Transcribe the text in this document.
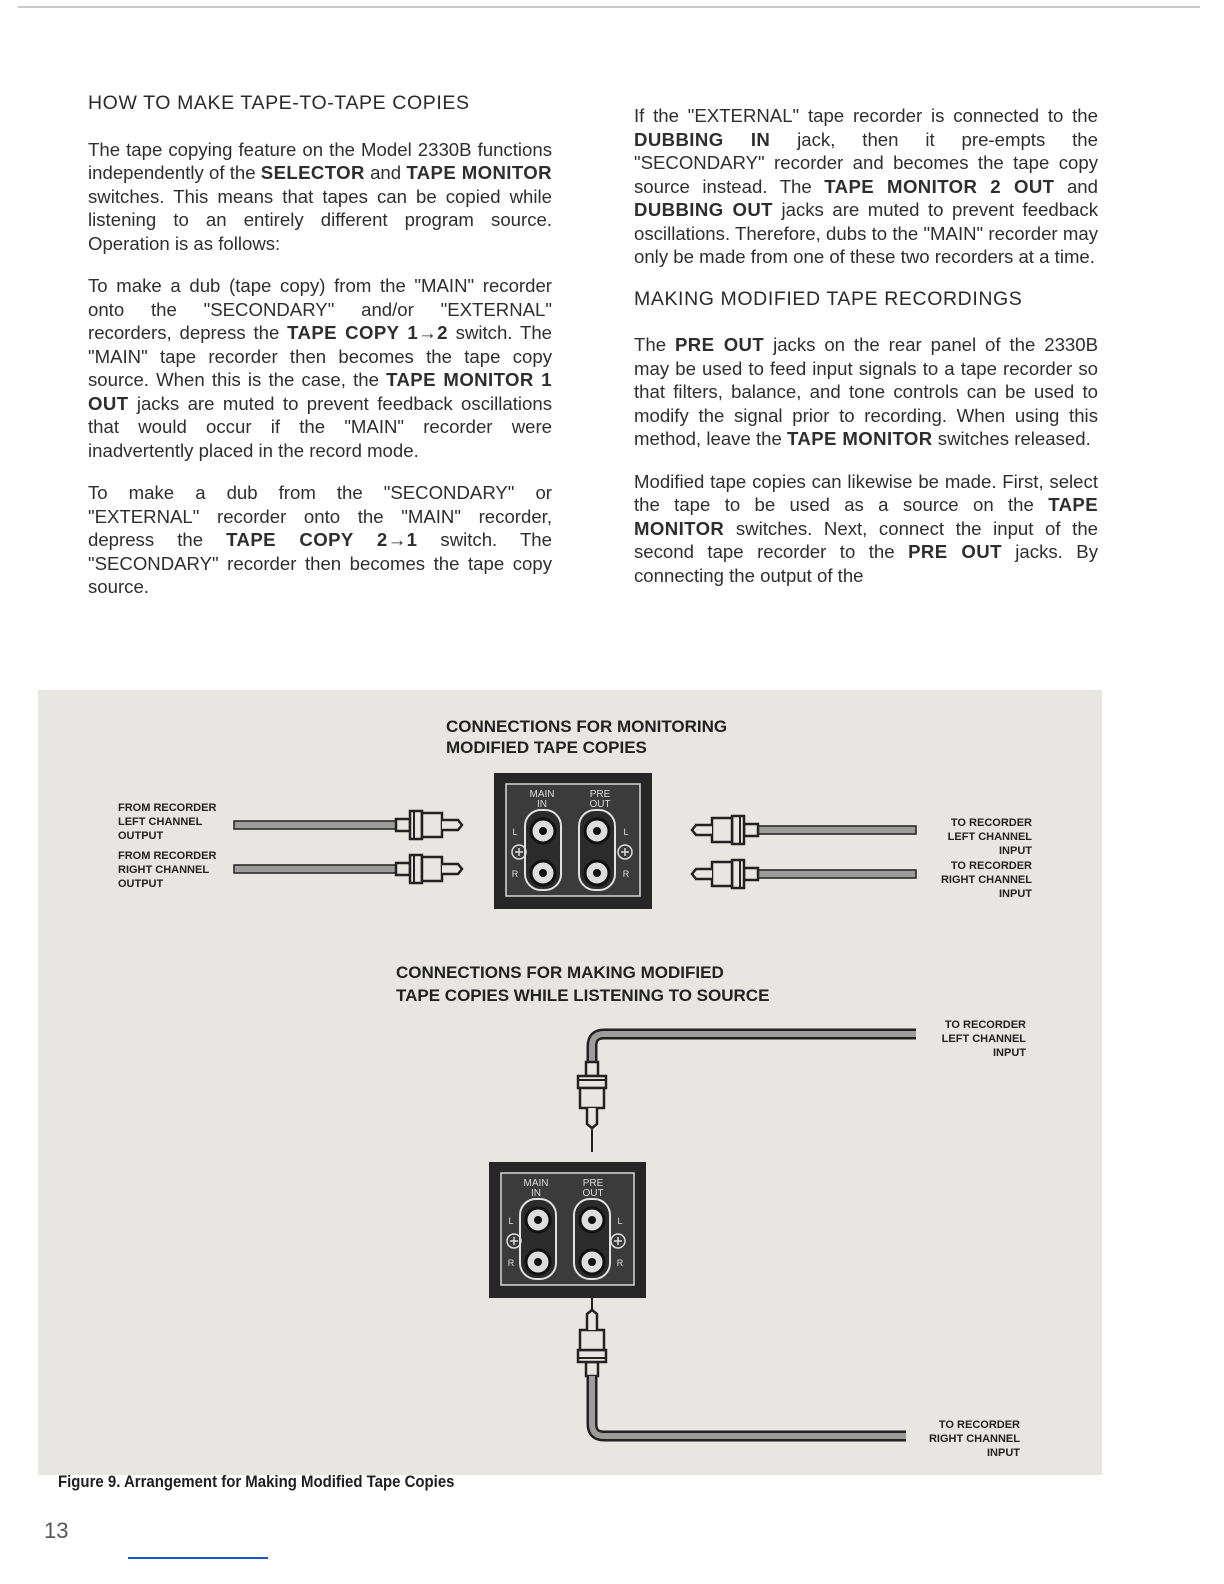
HOW TO MAKE TAPE-TO-TAPE COPIES

The tape copying feature on the Model 2330B functions independently of the SELECTOR and TAPE MONITOR switches. This means that tapes can be copied while listening to an entirely different program source. Operation is as follows:

To make a dub (tape copy) from the "MAIN" recorder onto the "SECONDARY" and/or "EXTERNAL" recorders, depress the TAPE COPY 1→2 switch. The "MAIN" tape recorder then becomes the tape copy source. When this is the case, the TAPE MONITOR 1 OUT jacks are muted to prevent feedback oscillations that would occur if the "MAIN" recorder were inadvertently placed in the record mode.

To make a dub from the "SECONDARY" or "EXTERNAL" recorder onto the "MAIN" recorder, depress the TAPE COPY 2→1 switch. The "SECONDARY" recorder then becomes the tape copy source.

If the "EXTERNAL" tape recorder is connected to the DUBBING IN jack, then it pre-empts the "SECONDARY" recorder and becomes the tape copy source instead. The TAPE MONITOR 2 OUT and DUBBING OUT jacks are muted to prevent feedback oscillations. Therefore, dubs to the "MAIN" recorder may only be made from one of these two recorders at a time.

MAKING MODIFIED TAPE RECORDINGS

The PRE OUT jacks on the rear panel of the 2330B may be used to feed input signals to a tape recorder so that filters, balance, and tone controls can be used to modify the signal prior to recording. When using this method, leave the TAPE MONITOR switches released.

Modified tape copies can likewise be made. First, select the tape to be used as a source on the TAPE MONITOR switches. Next, connect the input of the second tape recorder to the PRE OUT jacks. By connecting the output of the

CONNECTIONS FOR MONITORING
MODIFIED TAPE COPIES
CONNECTIONS FOR MAKING MODIFIED
TAPE COPIES WHILE LISTENING TO SOURCE
FROM RECORDER
LEFT CHANNEL
OUTPUT
FROM RECORDER
RIGHT CHANNEL
OUTPUT
TO RECORDER
LEFT CHANNEL
INPUT
TO RECORDER
RIGHT CHANNEL
INPUT
MAIN
IN
PRE
OUT
L
R
L
R
TO RECORDER
LEFT CHANNEL
INPUT
TO RECORDER
RIGHT CHANNEL
INPUT
MAIN
IN
PRE
OUT
L
R
L
R
Figure 9. Arrangement for Making Modified Tape Copies
13
